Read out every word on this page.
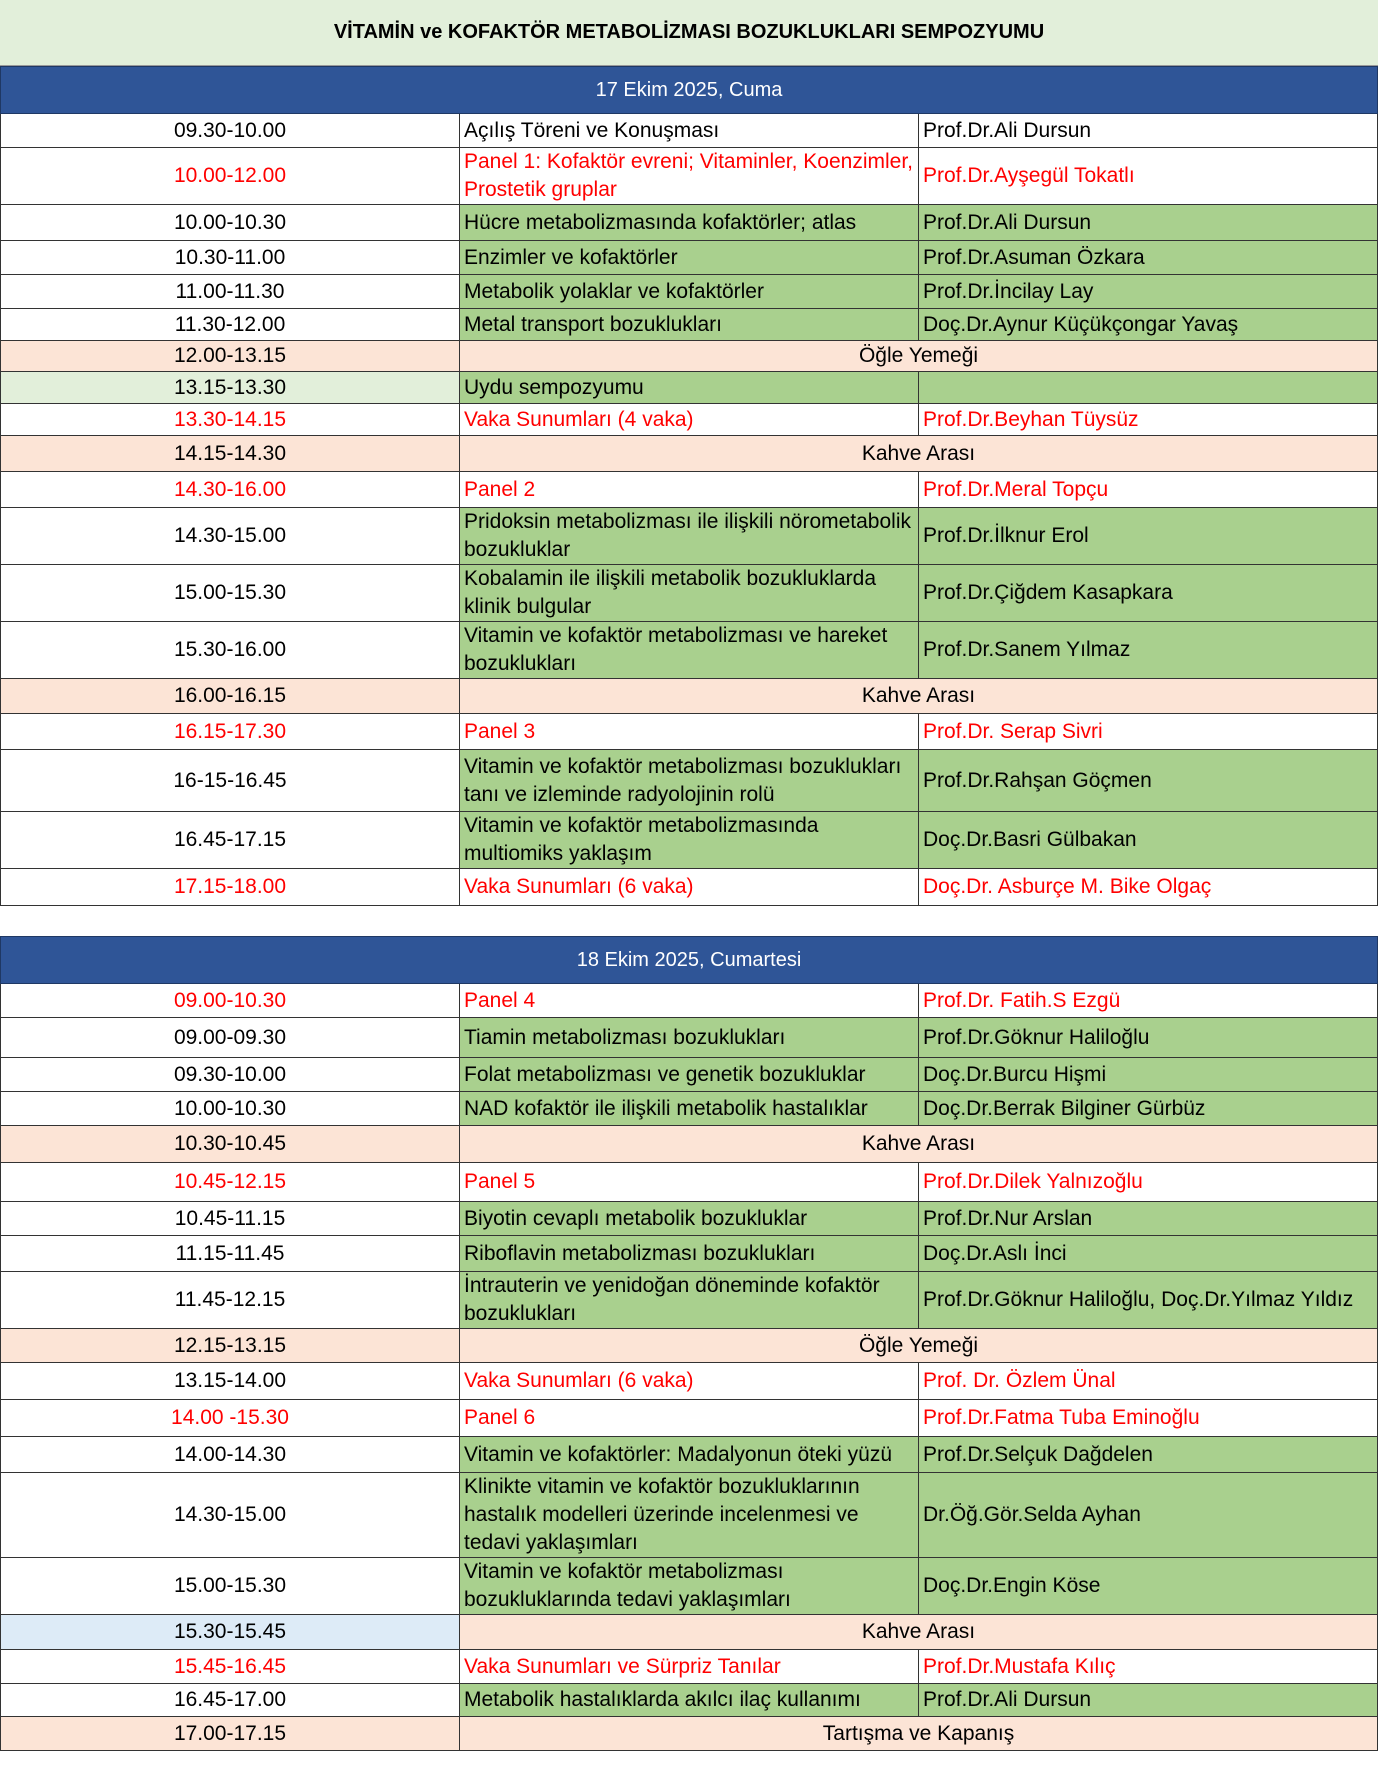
VİTAMİN ve KOFAKTÖR METABOLİZMASI BOZUKLUKLARI SEMPOZYUMU
17 Ekim 2025, Cuma		
09.30-10.00	Açılış Töreni ve Konuşması	Prof.Dr.Ali Dursun
10.00-12.00	Panel 1: Kofaktör evreni; Vitaminler, Koenzimler, Prostetik gruplar	Prof.Dr.Ayşegül Tokatlı
10.00-10.30	Hücre metabolizmasında kofaktörler; atlas	Prof.Dr.Ali Dursun
10.30-11.00	Enzimler ve kofaktörler	Prof.Dr.Asuman Özkara
11.00-11.30	Metabolik yolaklar ve kofaktörler	Prof.Dr.İncilay Lay
11.30-12.00	Metal transport bozuklukları	Doç.Dr.Aynur Küçükçongar Yavaş
12.00-13.15	Öğle Yemeği	
13.15-13.30	Uydu sempozyumu	
13.30-14.15	Vaka Sunumları (4 vaka)	Prof.Dr.Beyhan Tüysüz
14.15-14.30	Kahve Arası	
14.30-16.00	Panel 2	Prof.Dr.Meral Topçu
14.30-15.00	Pridoksin metabolizması ile ilişkili nörometabolik bozukluklar	Prof.Dr.İlknur Erol
15.00-15.30	Kobalamin ile ilişkili metabolik bozukluklarda klinik bulgular	Prof.Dr.Çiğdem Kasapkara
15.30-16.00	Vitamin ve kofaktör metabolizması ve hareket bozuklukları	Prof.Dr.Sanem Yılmaz
16.00-16.15	Kahve Arası	
16.15-17.30	Panel 3	Prof.Dr. Serap Sivri
16-15-16.45	Vitamin ve kofaktör metabolizması bozuklukları tanı ve izleminde radyolojinin rolü	Prof.Dr.Rahşan Göçmen
16.45-17.15	Vitamin ve kofaktör metabolizmasında multiomiks yaklaşım	Doç.Dr.Basri Gülbakan
17.15-18.00	Vaka Sunumları (6 vaka)	Doç.Dr. Asburçe M. Bike Olgaç
18 Ekim 2025, Cumartesi		
09.00-10.30	Panel 4	Prof.Dr. Fatih.S Ezgü
09.00-09.30	Tiamin metabolizması bozuklukları	Prof.Dr.Göknur Haliloğlu
09.30-10.00	Folat metabolizması ve genetik bozukluklar	Doç.Dr.Burcu Hişmi
10.00-10.30	NAD kofaktör ile ilişkili metabolik hastalıklar	Doç.Dr.Berrak Bilginer Gürbüz
10.30-10.45	Kahve Arası	
10.45-12.15	Panel 5	Prof.Dr.Dilek Yalnızoğlu
10.45-11.15	Biyotin cevaplı metabolik bozukluklar	Prof.Dr.Nur Arslan
11.15-11.45	Riboflavin metabolizması bozuklukları	Doç.Dr.Aslı İnci
11.45-12.15	İntrauterin ve yenidoğan döneminde kofaktör bozuklukları	Prof.Dr.Göknur Haliloğlu, Doç.Dr.Yılmaz Yıldız
12.15-13.15	Öğle Yemeği	
13.15-14.00	Vaka Sunumları (6 vaka)	Prof. Dr. Özlem Ünal
14.00 -15.30	Panel 6	Prof.Dr.Fatma Tuba Eminoğlu
14.00-14.30	Vitamin ve kofaktörler: Madalyonun öteki yüzü	Prof.Dr.Selçuk Dağdelen
14.30-15.00	Klinikte vitamin ve kofaktör bozukluklarının hastalık modelleri üzerinde incelenmesi ve tedavi yaklaşımları	Dr.Öğ.Gör.Selda Ayhan
15.00-15.30	Vitamin ve kofaktör metabolizması bozukluklarında tedavi yaklaşımları	Doç.Dr.Engin Köse
15.30-15.45	Kahve Arası	
15.45-16.45	Vaka Sunumları ve Sürpriz Tanılar	Prof.Dr.Mustafa Kılıç
16.45-17.00	Metabolik hastalıklarda akılcı ilaç kullanımı	Prof.Dr.Ali Dursun
17.00-17.15	Tartışma ve Kapanış	
